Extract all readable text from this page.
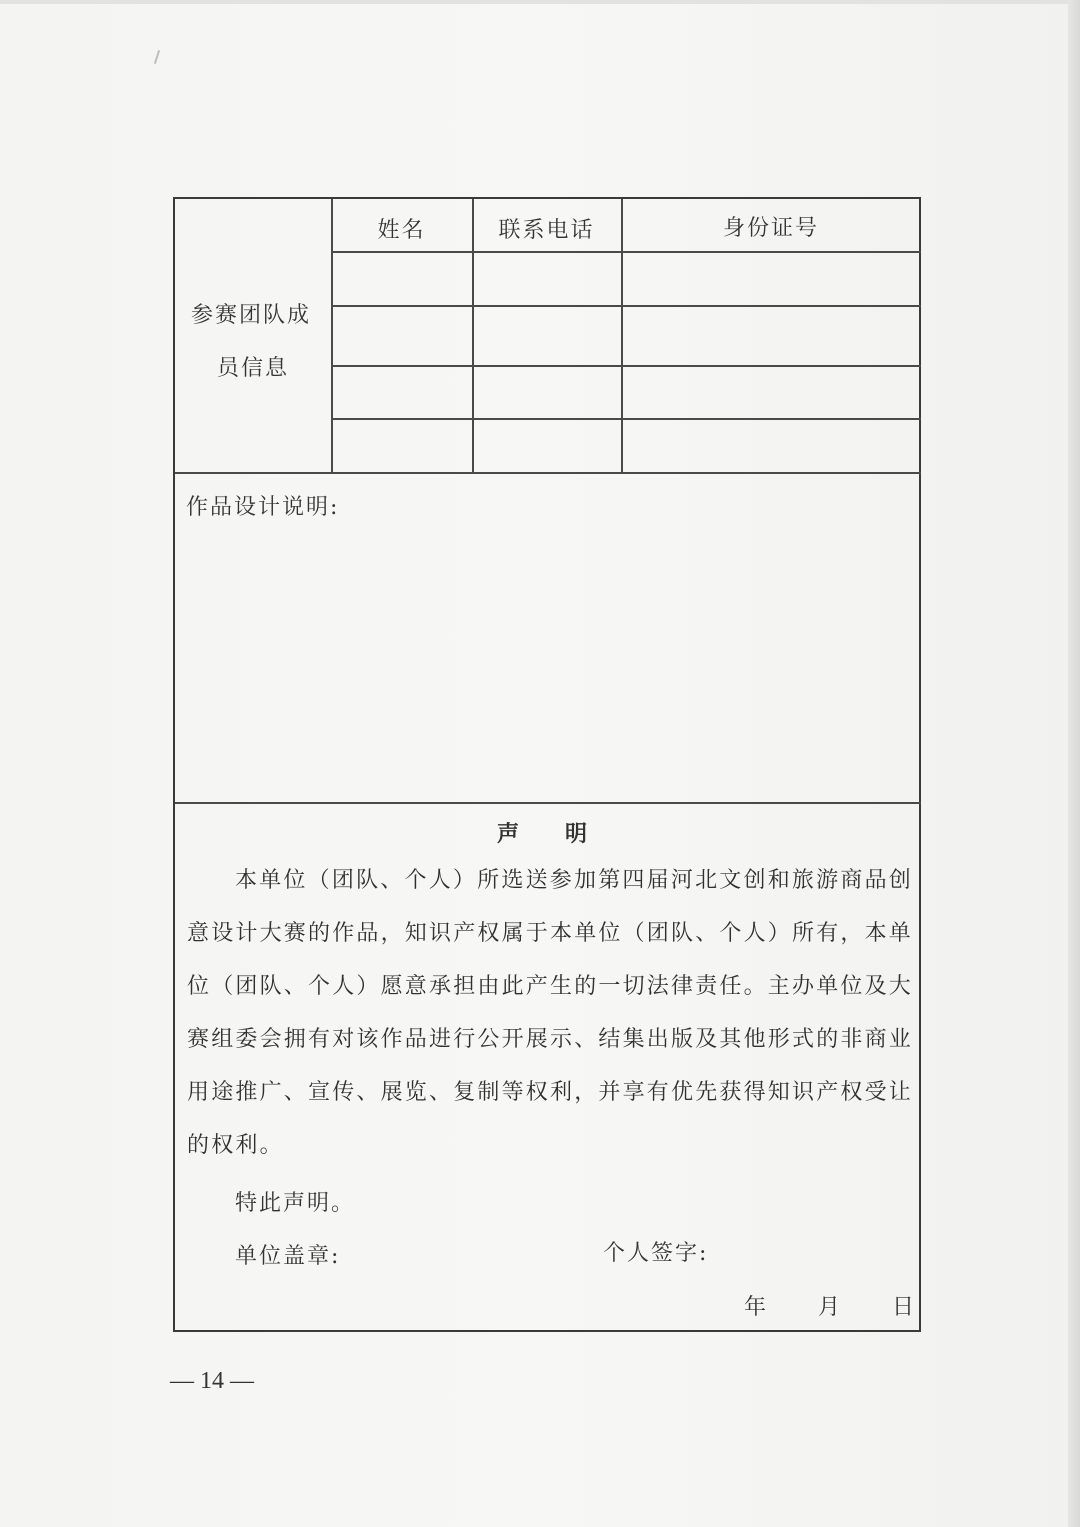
参赛团队成
员信息
姓名	联系电话	身份证号
作品设计说明:
声　明
本单位（团队、个人）所选送参加第四届河北文创和旅游商品创意设计大赛的作品，知识产权属于本单位（团队、个人）所有，本单位（团队、个人）愿意承担由此产生的一切法律责任。主办单位及大赛组委会拥有对该作品进行公开展示、结集出版及其他形式的非商业用途推广、宣传、展览、复制等权利，并享有优先获得知识产权受让的权利。
特此声明。
单位盖章:	个人签字:
年 月 日
— 14 —
